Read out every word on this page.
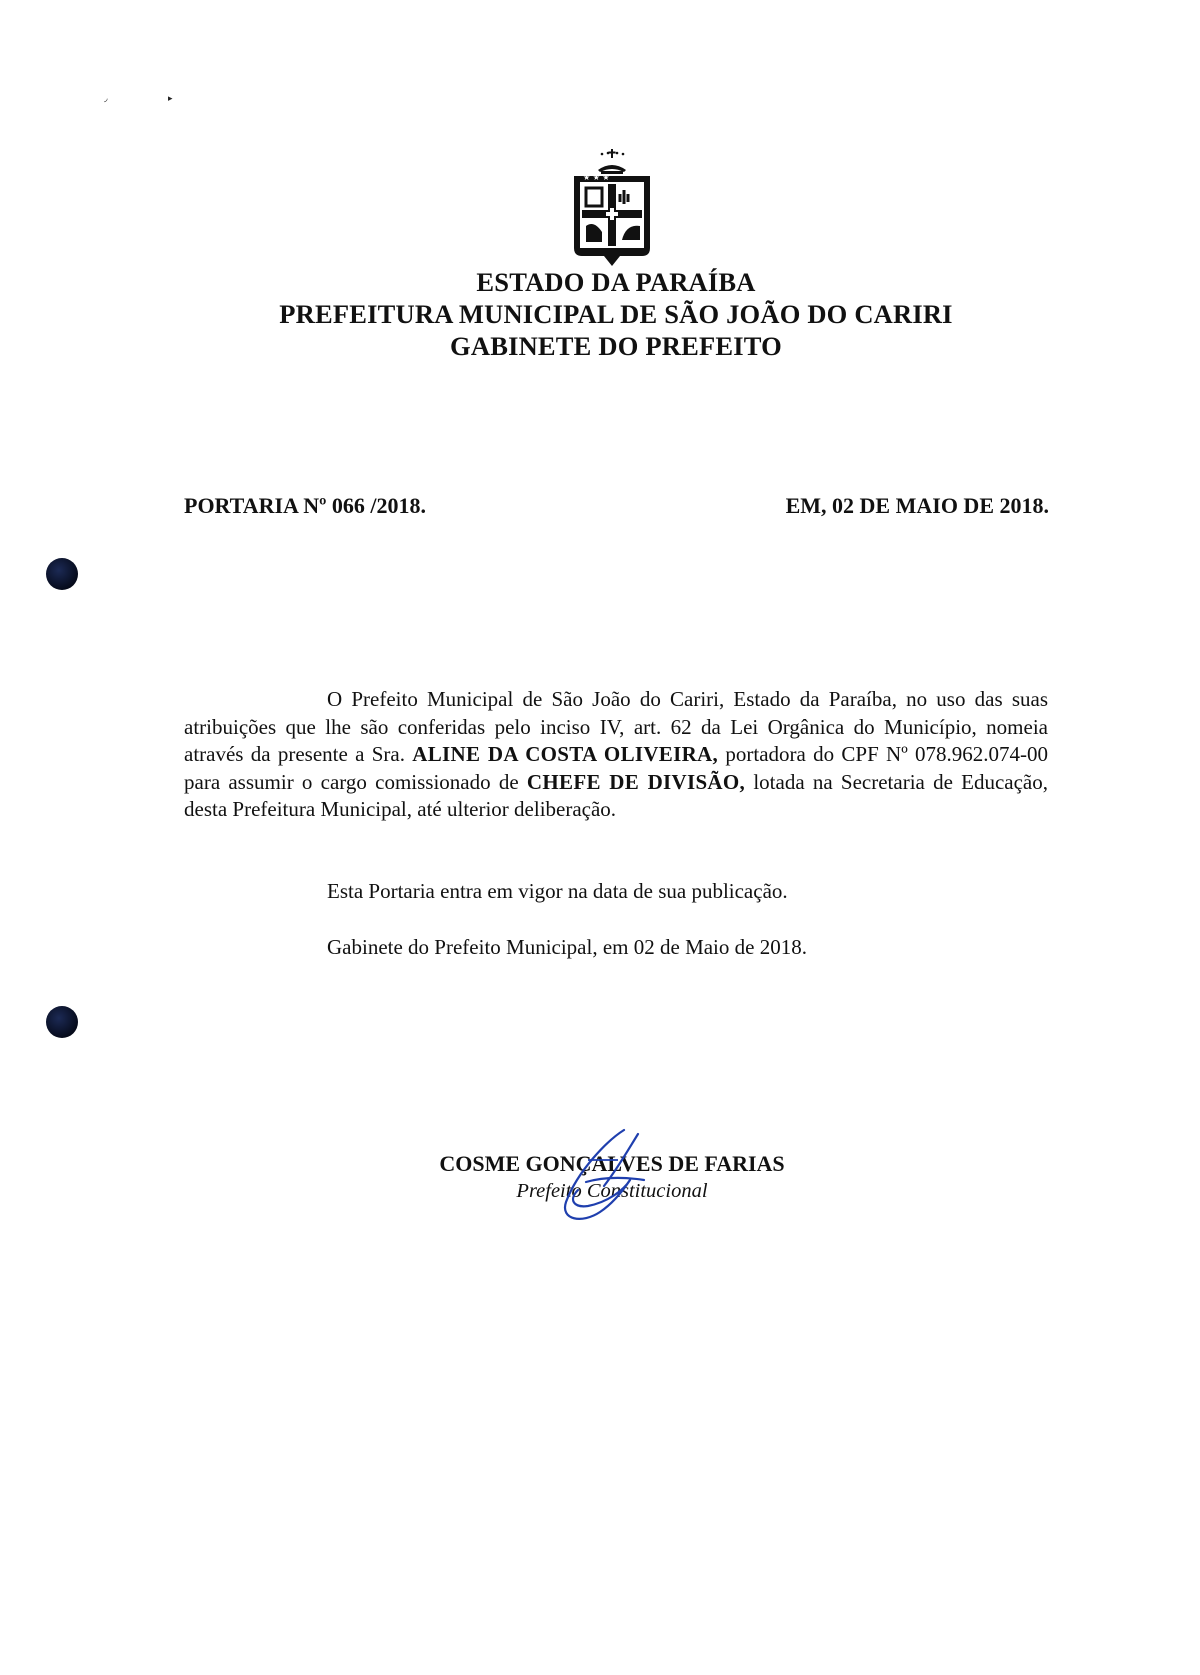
◞	▸
★ ★ ★
ESTADO DA PARAÍBA
PREFEITURA MUNICIPAL DE SÃO JOÃO DO CARIRI
GABINETE DO PREFEITO
PORTARIA Nº 066 /2018.	EM, 02 DE MAIO DE 2018.

O Prefeito Municipal de São João do Cariri, Estado da Paraíba, no uso das suas atribuições que lhe são conferidas pelo inciso IV, art. 62 da Lei Orgânica do Município, nomeia através da presente a Sra. ALINE DA COSTA OLIVEIRA, portadora do CPF Nº 078.962.074-00 para assumir o cargo comissionado de CHEFE DE DIVISÃO, lotada na Secretaria de Educação, desta Prefeitura Municipal, até ulterior deliberação.

Esta Portaria entra em vigor na data de sua publicação.

Gabinete do Prefeito Municipal, em 02 de Maio de 2018.

COSME GONÇALVES DE FARIAS
Prefeito Constitucional
